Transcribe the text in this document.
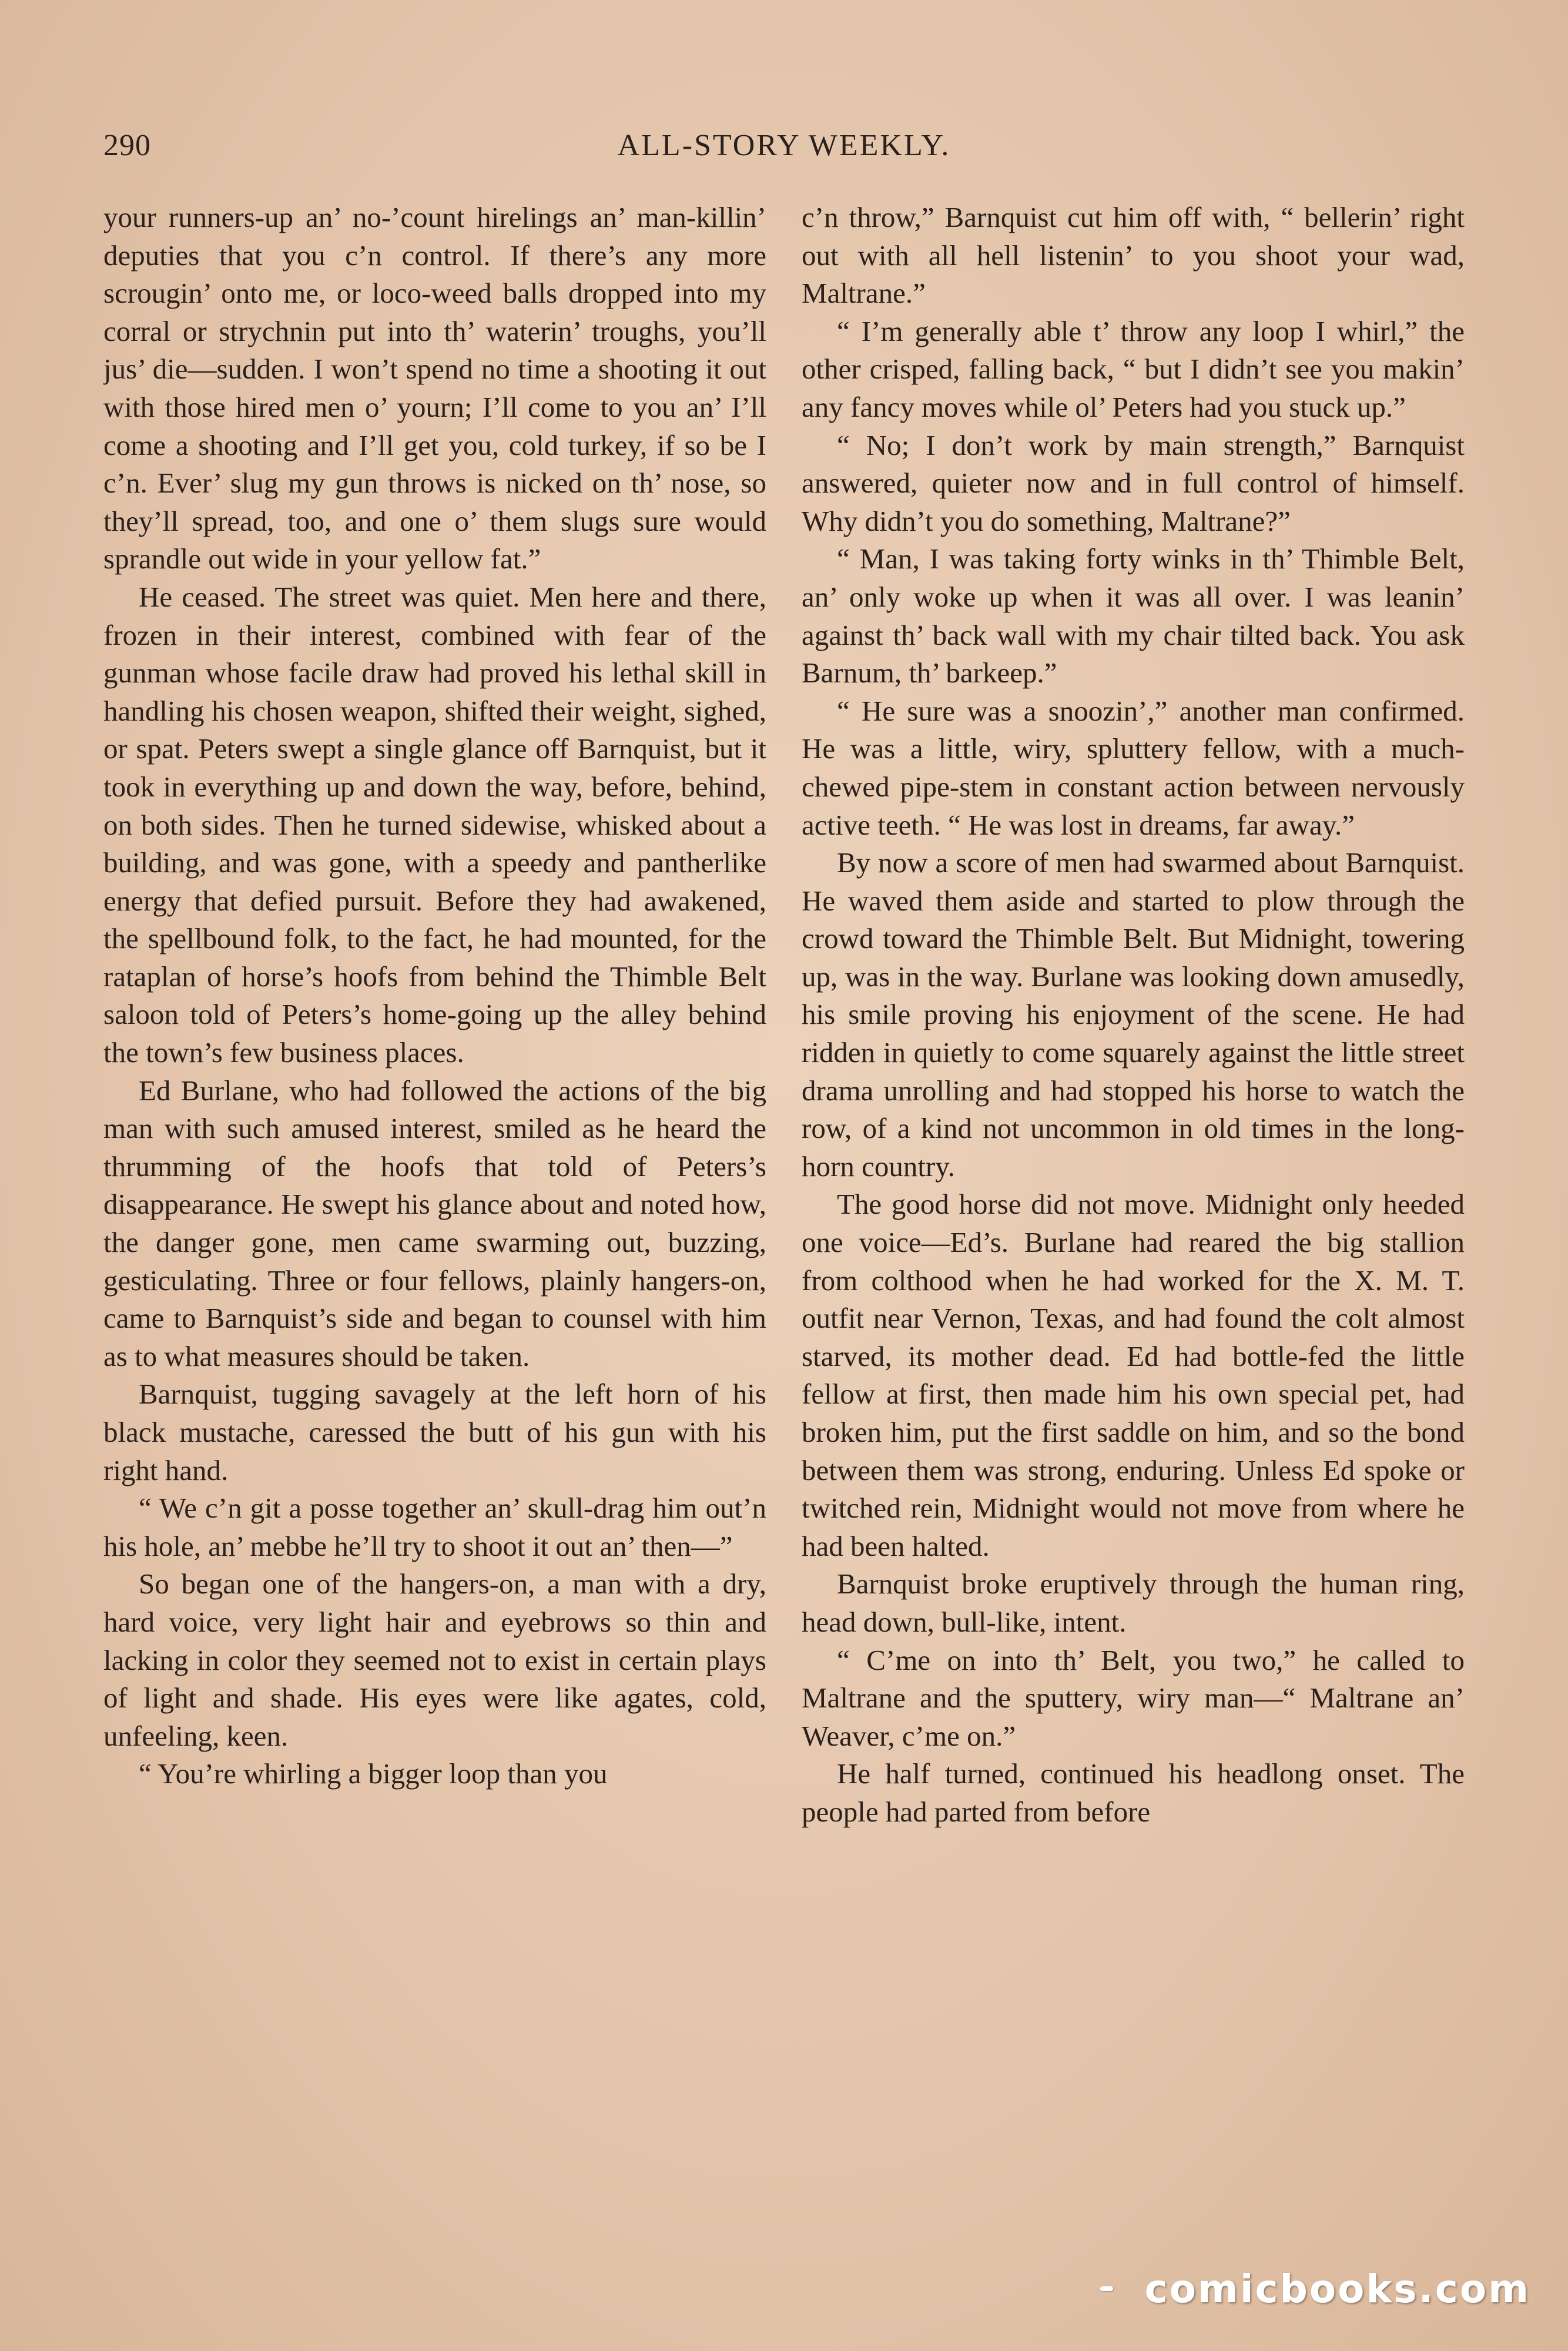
290	ALL-STORY WEEKLY.

your runners-up an’ no-’count hirelings an’ man-killin’ deputies that you c’n control. If there’s any more scrougin’ onto me, or loco-weed balls dropped into my corral or strychnin put into th’ waterin’ troughs, you’ll jus’ die—sudden. I won’t spend no time a shooting it out with those hired men o’ yourn; I’ll come to you an’ I’ll come a shooting and I’ll get you, cold turkey, if so be I c’n. Ever’ slug my gun throws is nicked on th’ nose, so they’ll spread, too, and one o’ them slugs sure would sprandle out wide in your yellow fat.”

He ceased. The street was quiet. Men here and there, frozen in their interest, combined with fear of the gunman whose facile draw had proved his lethal skill in handling his chosen weapon, shifted their weight, sighed, or spat. Peters swept a single glance off Barnquist, but it took in everything up and down the way, before, behind, on both sides. Then he turned sidewise, whisked about a building, and was gone, with a speedy and pantherlike energy that defied pursuit. Before they had awakened, the spellbound folk, to the fact, he had mounted, for the rataplan of horse’s hoofs from behind the Thimble Belt saloon told of Peters’s home-going up the alley behind the town’s few business places.

Ed Burlane, who had followed the actions of the big man with such amused interest, smiled as he heard the thrumming of the hoofs that told of Peters’s disappearance. He swept his glance about and noted how, the danger gone, men came swarming out, buzzing, gesticulating. Three or four fellows, plainly hangers-on, came to Barnquist’s side and began to counsel with him as to what measures should be taken.

Barnquist, tugging savagely at the left horn of his black mustache, caressed the butt of his gun with his right hand.

“ We c’n git a posse together an’ skull-drag him out’n his hole, an’ mebbe he’ll try to shoot it out an’ then—”

So began one of the hangers-on, a man with a dry, hard voice, very light hair and eyebrows so thin and lacking in color they seemed not to exist in certain plays of light and shade. His eyes were like agates, cold, unfeeling, keen.

“ You’re whirling a bigger loop than you

c’n throw,” Barnquist cut him off with, “ bellerin’ right out with all hell listenin’ to you shoot your wad, Maltrane.”

“ I’m generally able t’ throw any loop I whirl,” the other crisped, falling back, “ but I didn’t see you makin’ any fancy moves while ol’ Peters had you stuck up.”

“ No; I don’t work by main strength,” Barnquist answered, quieter now and in full control of himself. Why didn’t you do something, Maltrane?”

“ Man, I was taking forty winks in th’ Thimble Belt, an’ only woke up when it was all over. I was leanin’ against th’ back wall with my chair tilted back. You ask Barnum, th’ barkeep.”

“ He sure was a snoozin’,” another man confirmed. He was a little, wiry, spluttery fellow, with a much-chewed pipe-stem in constant action between nervously active teeth. “ He was lost in dreams, far away.”

By now a score of men had swarmed about Barnquist. He waved them aside and started to plow through the crowd toward the Thimble Belt. But Midnight, towering up, was in the way. Burlane was looking down amusedly, his smile proving his enjoyment of the scene. He had ridden in quietly to come squarely against the little street drama unrolling and had stopped his horse to watch the row, of a kind not uncommon in old times in the long-horn country.

The good horse did not move. Midnight only heeded one voice—Ed’s. Burlane had reared the big stallion from colthood when he had worked for the X. M. T. outfit near Vernon, Texas, and had found the colt almost starved, its mother dead. Ed had bottle-fed the little fellow at first, then made him his own special pet, had broken him, put the first saddle on him, and so the bond between them was strong, enduring. Unless Ed spoke or twitched rein, Midnight would not move from where he had been halted.

Barnquist broke eruptively through the human ring, head down, bull-like, intent.

“ C’me on into th’ Belt, you two,” he called to Maltrane and the sputtery, wiry man—“ Maltrane an’ Weaver, c’me on.”

He half turned, continued his headlong onset. The people had parted from before

comicbooks.com
